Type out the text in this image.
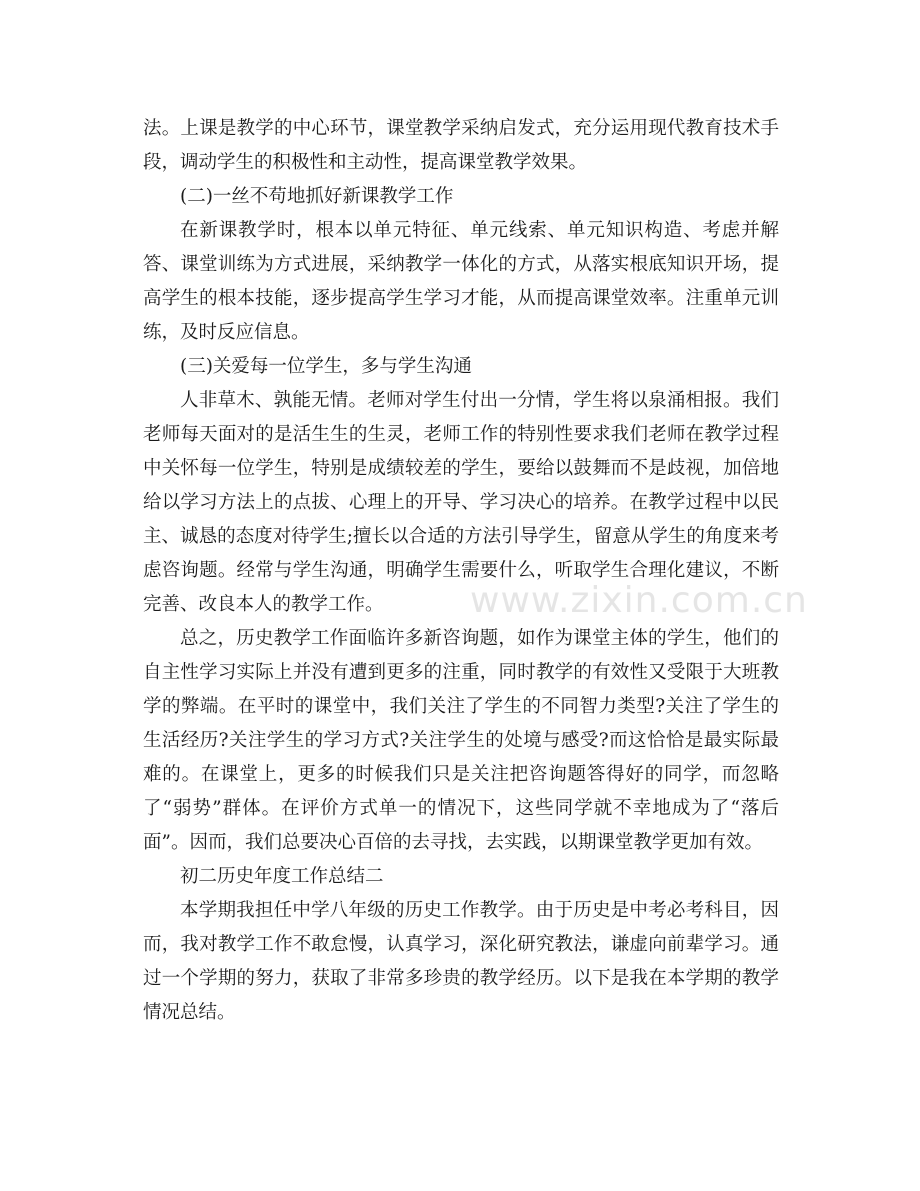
法。上课是教学的中心环节，课堂教学采纳启发式，充分运用现代教育技术手段，调动学生的积极性和主动性，提高课堂教学效果。

(二)一丝不苟地抓好新课教学工作

在新课教学时，根本以单元特征、单元线索、单元知识构造、考虑并解答、课堂训练为方式进展，采纳教学一体化的方式，从落实根底知识开场，提高学生的根本技能，逐步提高学生学习才能，从而提高课堂效率。注重单元训练，及时反应信息。

(三)关爱每一位学生，多与学生沟通

人非草木、孰能无情。老师对学生付出一分情，学生将以泉涌相报。我们老师每天面对的是活生生的生灵，老师工作的特别性要求我们老师在教学过程中关怀每一位学生，特别是成绩较差的学生，要给以鼓舞而不是歧视，加倍地给以学习方法上的点拔、心理上的开导、学习决心的培养。在教学过程中以民主、诚恳的态度对待学生;擅长以合适的方法引导学生，留意从学生的角度来考虑咨询题。经常与学生沟通，明确学生需要什么，听取学生合理化建议，不断完善、改良本人的教学工作。

总之，历史教学工作面临许多新咨询题，如作为课堂主体的学生，他们的自主性学习实际上并没有遭到更多的注重，同时教学的有效性又受限于大班教学的弊端。在平时的课堂中，我们关注了学生的不同智力类型?关注了学生的生活经历?关注学生的学习方式?关注学生的处境与感受?而这恰恰是最实际最难的。在课堂上，更多的时候我们只是关注把咨询题答得好的同学，而忽略了“弱势”群体。在评价方式单一的情况下，这些同学就不幸地成为了“落后面”。因而，我们总要决心百倍的去寻找，去实践，以期课堂教学更加有效。

初二历史年度工作总结二

本学期我担任中学八年级的历史工作教学。由于历史是中考必考科目，因而，我对教学工作不敢怠慢，认真学习，深化研究教法，谦虚向前辈学习。通过一个学期的努力，获取了非常多珍贵的教学经历。以下是我在本学期的教学情况总结。

www.zixin.com.cn
